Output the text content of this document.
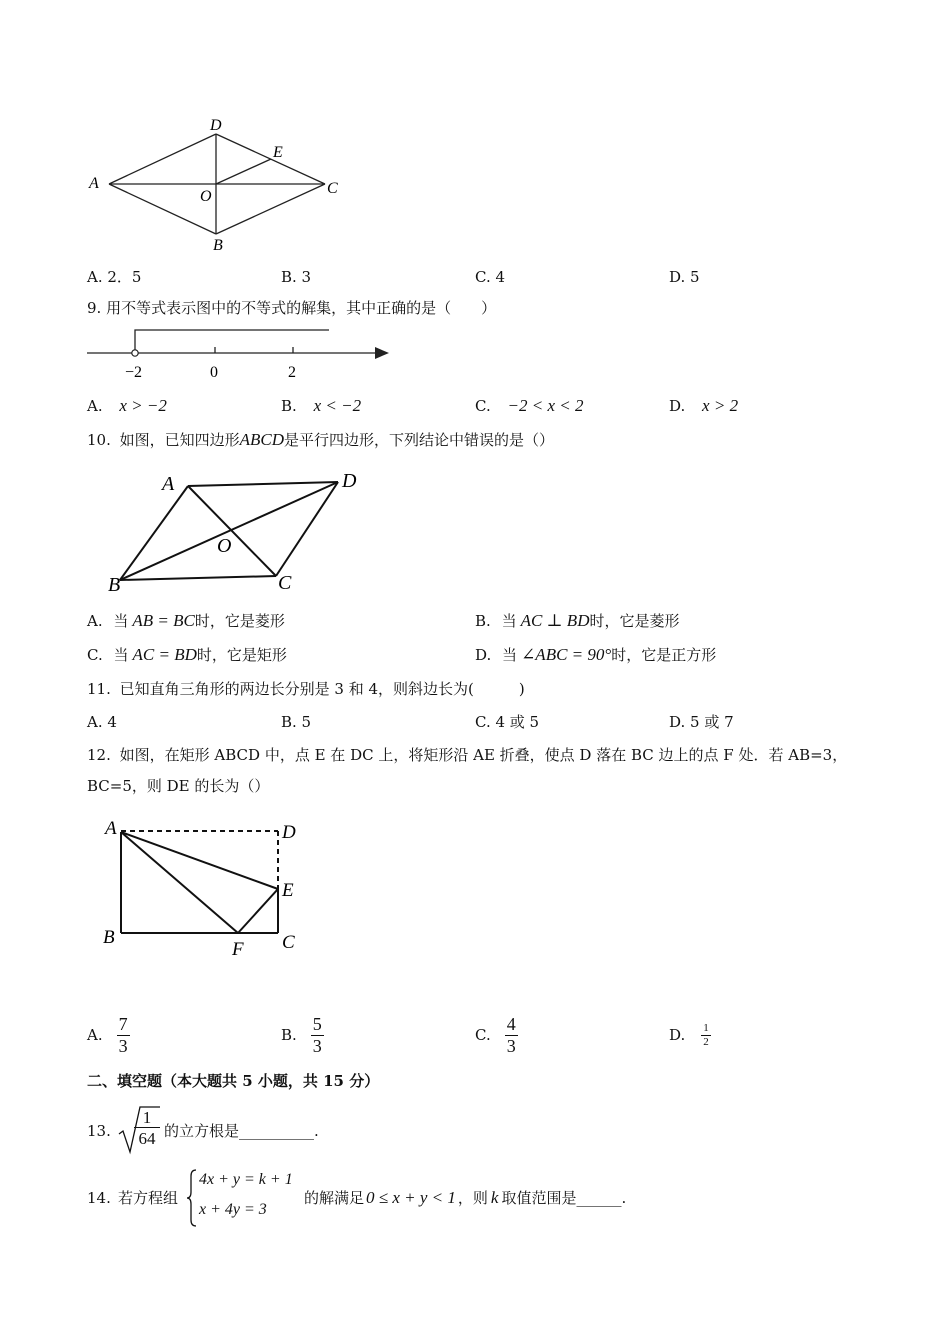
D
E
A
O	C
B
A. 2．5	B. 3	C. 4	D. 5
9. 用不等式表示图中的不等式的解集，其中正确的是（　　）
−2	0	2
A. x > −2	B. x < −2	C. −2 < x < 2	D. x > 2
10. 如图，已知四边形ABCD是平行四边形，下列结论中错误的是（）
A	D
O
B	C
A. 当 AB = BC时，它是菱形	B. 当 AC ⊥ BD时，它是菱形
C. 当 AC = BD时，它是矩形	D. 当 ∠ABC = 90°时，它是正方形
11. 已知直角三角形的两边长分别是 3 和 4，则斜边长为(　　　)
A. 4	B. 5	C. 4 或 5	D. 5 或 7
12. 如图，在矩形 ABCD 中，点 E 在 DC 上，将矩形沿 AE 折叠，使点 D 落在 BC 边上的点 F 处．若 AB=3，
BC=5，则 DE 的长为（）
A	D
E
B	C
F
A. $\frac{7}{3}$	B. $\frac{5}{3}$	C. $\frac{4}{3}$	D. $\frac{1}{2}$
二、填空题（本大题共 5 小题，共 15 分）
13. $\frac{1}{64}$ 的立方根是__________.
14. 若方程组
4x + y = k + 1
x + 4y = 3
的解满足 0 ≤ x + y < 1 ，则 k 取值范围是______.
